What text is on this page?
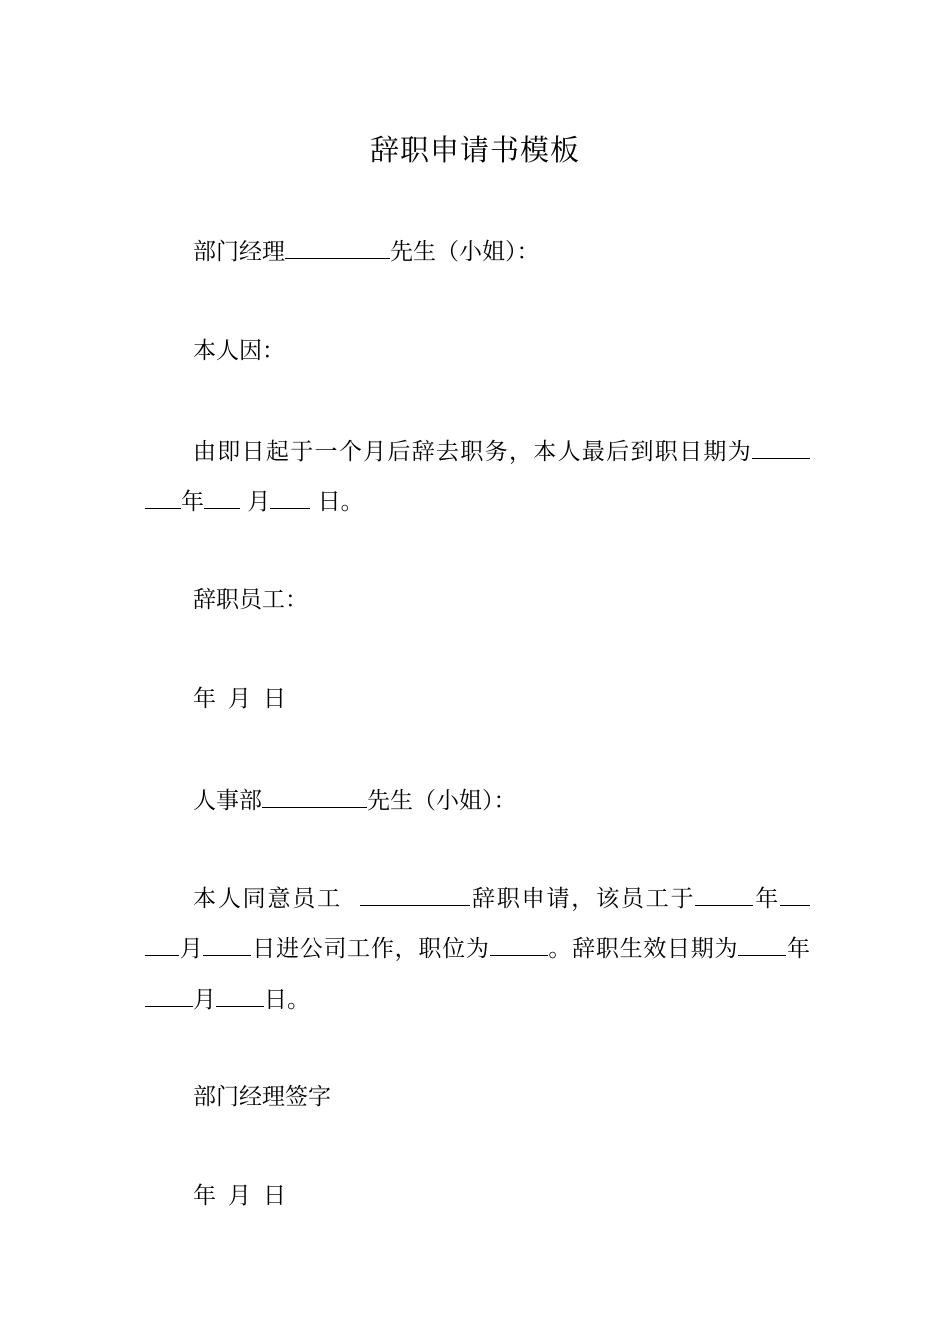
辞职申请书模板
部门经理	先生（小姐）：
本人因：
由即日起于一个月后辞去职务，本人最后到职日期为
年 月 日。
辞职员工：
年 月 日
人事部	先生（小姐）：
本人同意员工	辞职申请，该员工于	年
月 日进公司工作，职位为	。辞职生效日期为 年
月 日。
部门经理签字
年 月 日
